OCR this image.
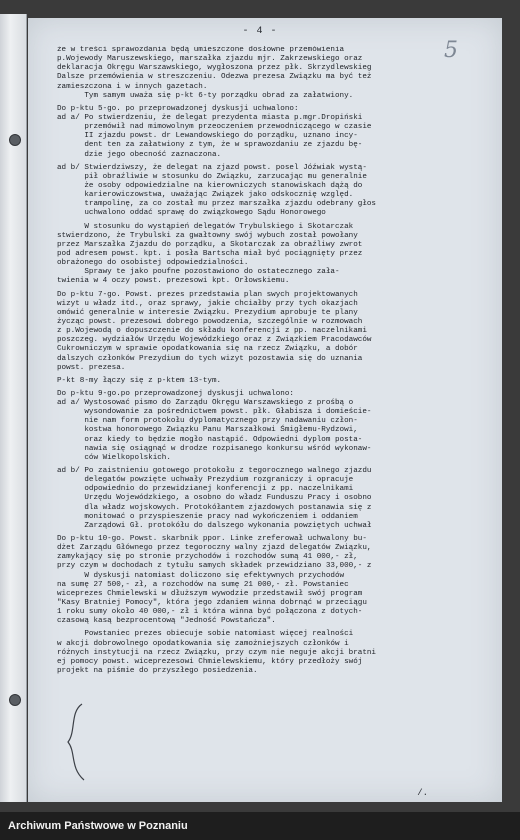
5
- 4 -
że w treści sprawozdania będą umieszczone dosłowne przemówienia
p.Wojewody Maruszewskiego, marszałka zjazdu mjr. Zakrzewskiego oraz
deklaracja Okręgu Warszawskiego, wygłoszona przez płk. Skrzydlewskieg
Dalsze przemówienia w streszczeniu. Odezwa prezesa Związku ma być też
zamieszczona i w innych gazetach.
Tym samym uważa się p-kt 6-ty porządku obrad za załatwiony.
Do p-ktu 5-go. po przeprowadzonej dyskusji uchwalono:
ad a/ Po stwierdzeniu, że delegat prezydenta miasta p.mgr.Dropiński
przemówił nad mimowolnym przeoczeniem przewodniczącego w czasie
II zjazdu powst. dr Lewandowskiego do porządku, uznano incy-
dent ten za załatwiony z tym, że w sprawozdaniu ze zjazdu bę-
dzie jego obecność zaznaczona.
ad b/ Stwierdziwszy, że delegat na zjazd powst. posel Jóźwiak wystą-
pił obraźliwie w stosunku do Związku, zarzucając mu generalnie
że osoby odpowiedzialne na kierowniczych stanowiskach dążą do
karierowiczowstwa, uważając Związek jako odskocznię względ.
trampolinę, za co został mu przez marszałka zjazdu odebrany głos
uchwalono oddać sprawę do związkowego Sądu Honorowego
W stosunku do wystąpień delegatów Trybulskiego i Skotarczak
stwierdzono, że Trybulski za gwałtowny swój wybuch został powołany
przez Marszałka Zjazdu do porządku, a Skotarczak za obraźliwy zwrot
pod adresem powst. kpt. i posła Bartscha miał być pociągnięty przez
obrażonego do osobistej odpowiedzialności.
Sprawy te jako poufne pozostawiono do ostatecznego zała-
twienia w 4 oczy powst. prezesowi kpt. Orłowskiemu.
Do p-ktu 7-go. Powst. prezes przedstawia plan swych projektowanych
wizyt u władz itd., oraz sprawy, jakie chciałby przy tych okazjach
omówić generalnie w interesie Związku. Prezydium aprobuje te plany
życząc powst. prezesowi dobrego powodzenia, szczególnie w rozmowach
z p.Wojewodą o dopuszczenie do składu konferencji z pp. naczelnikami
poszczeg. wydziałów Urzędu Wojewódzkiego oraz z Związkiem Pracodawców
Cukrowniczym w sprawie opodatkowania się na rzecz Związku, a dobór
dalszych członków Prezydium do tych wizyt pozostawia się do uznania
powst. prezesa.
P-kt 8-my łączy się z p-ktem 13-tym.
Do p-ktu 9-go.po przeprowadzonej dyskusji uchwalono:
ad a/ Wystosować pismo do Zarządu Okręgu Warszawskiego z prośbą o
wysondowanie za pośrednictwem powst. płk. Głabisza i domieście-
nie nam form protokołu dyplomatycznego przy nadawaniu człon-
kostwa honorowego Związku Panu Marszałkowi Śmigłemu-Rydzowi,
oraz kiedy to będzie mogło nastąpić. Odpowiedni dyplom posta-
nawia się osiągnąć w drodze rozpisanego konkursu wśród wykonaw-
ców Wielkopolskich.
ad b/ Po zaistnieniu gotowego protokołu z tegorocznego walnego zjazdu
delegatów powzięte uchwały Prezydium rozgraniczy i opracuje
odpowiednio do przewidzianej konferencji z pp. naczelnikami
Urzędu Wojewódzkiego, a osobno do władz Funduszu Pracy i osobno
dla władz wojskowych. Protokółantem zjazdowych postanawia się z
monitować o przyspieszenie pracy nad wykończeniem i oddaniem
Zarządowi Gł. protokółu do dalszego wykonania powziętych uchwał
Do p-ktu 10-go. Powst. skarbnik ppor. Linke zreferował uchwalony bu-
dżet Zarządu Głównego przez tegoroczny walny zjazd delegatów Związku,
zamykający się po stronie przychodów i rozchodów sumą 41 000,- zł,
przy czym w dochodach z tytułu samych składek przewidziano 33,000,- z
W dyskusji natomiast doliczono się efektywnych przychodów
na sumę 27 500,- zł, a rozchodów na sumę 21 000,- zł. Powstaniec
wiceprezes Chmielewski w dłuższym wywodzie przedstawił swój program
"Kasy Bratniej Pomocy", która jego zdaniem winna dobrnąć w przeciągu
1 roku sumy około 40 000,- zł i która winna być połączona z dotych-
czasową kasą bezprocentową "Jedność Powstańcza".
Powstaniec prezes obiecuje sobie natomiast więcej realności
w akcji dobrowolnego opodatkowania się zamożniejszych członków i
różnych instytucji na rzecz Związku, przy czym nie neguje akcji bratni
ej pomocy powst. wiceprezesowi Chmielewskiemu, który przedłoży swój
projekt na piśmie do przyszłego posiedzenia.
/.
Archiwum Państwowe w Poznaniu
